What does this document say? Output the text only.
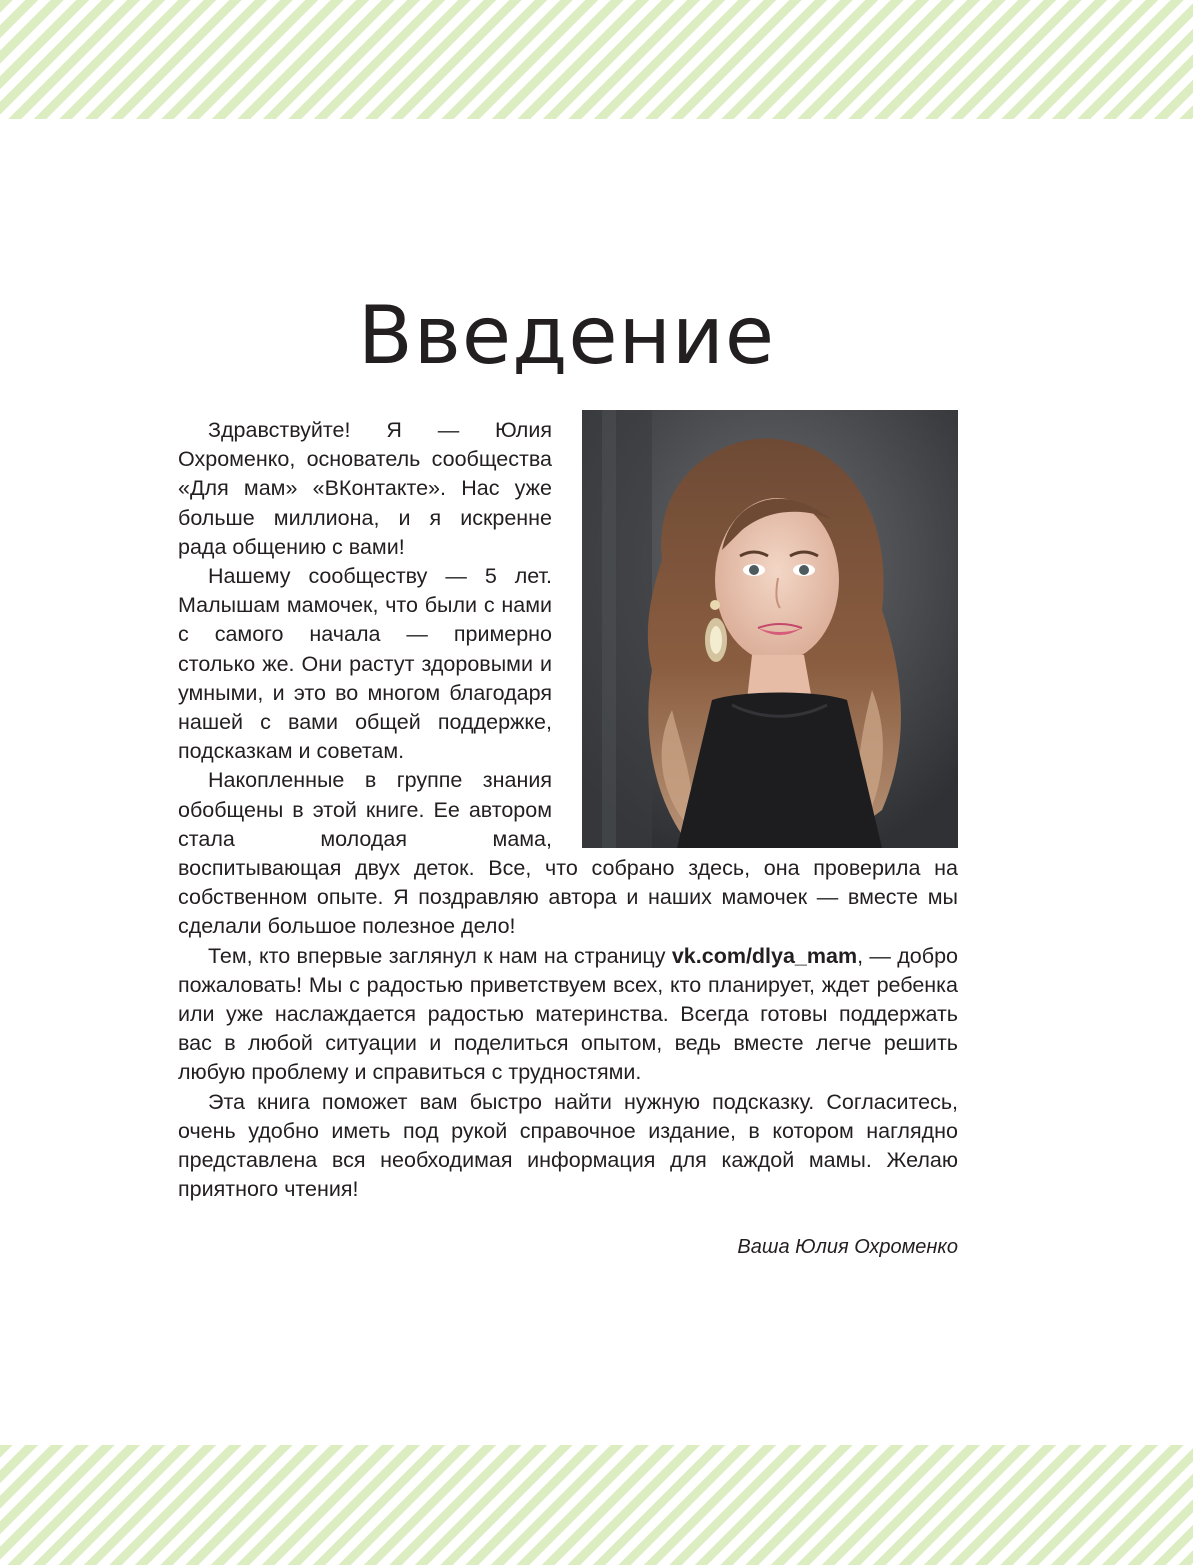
Введение

Здравствуйте! Я — Юлия Охроменко, основатель сообщества «Для мам» «ВКонтакте». Нас уже больше миллиона, и я искренне рада общению с вами!

Нашему сообществу — 5 лет. Малышам мамочек, что были с нами с самого начала — примерно столько же. Они растут здоровыми и умными, и это во многом благодаря нашей с вами общей поддержке, подсказкам и советам.

Накопленные в группе знания обобщены в этой книге. Ее автором стала молодая мама, воспитывающая двух деток. Все, что собрано здесь, она проверила на собственном опыте. Я поздравляю автора и наших мамочек — вместе мы сделали большое полезное дело!

Тем, кто впервые заглянул к нам на страницу vk.com/dlya_mam, — добро пожаловать! Мы с радостью приветствуем всех, кто планирует, ждет ребенка или уже наслаждается радостью материнства. Всегда готовы поддержать вас в любой ситуации и поделиться опытом, ведь вместе легче решить любую проблему и справиться с трудностями.

Эта книга поможет вам быстро найти нужную подсказку. Согласитесь, очень удобно иметь под рукой справочное издание, в котором наглядно представлена вся необходимая информация для каждой мамы. Желаю приятного чтения!

Ваша Юлия Охроменко
